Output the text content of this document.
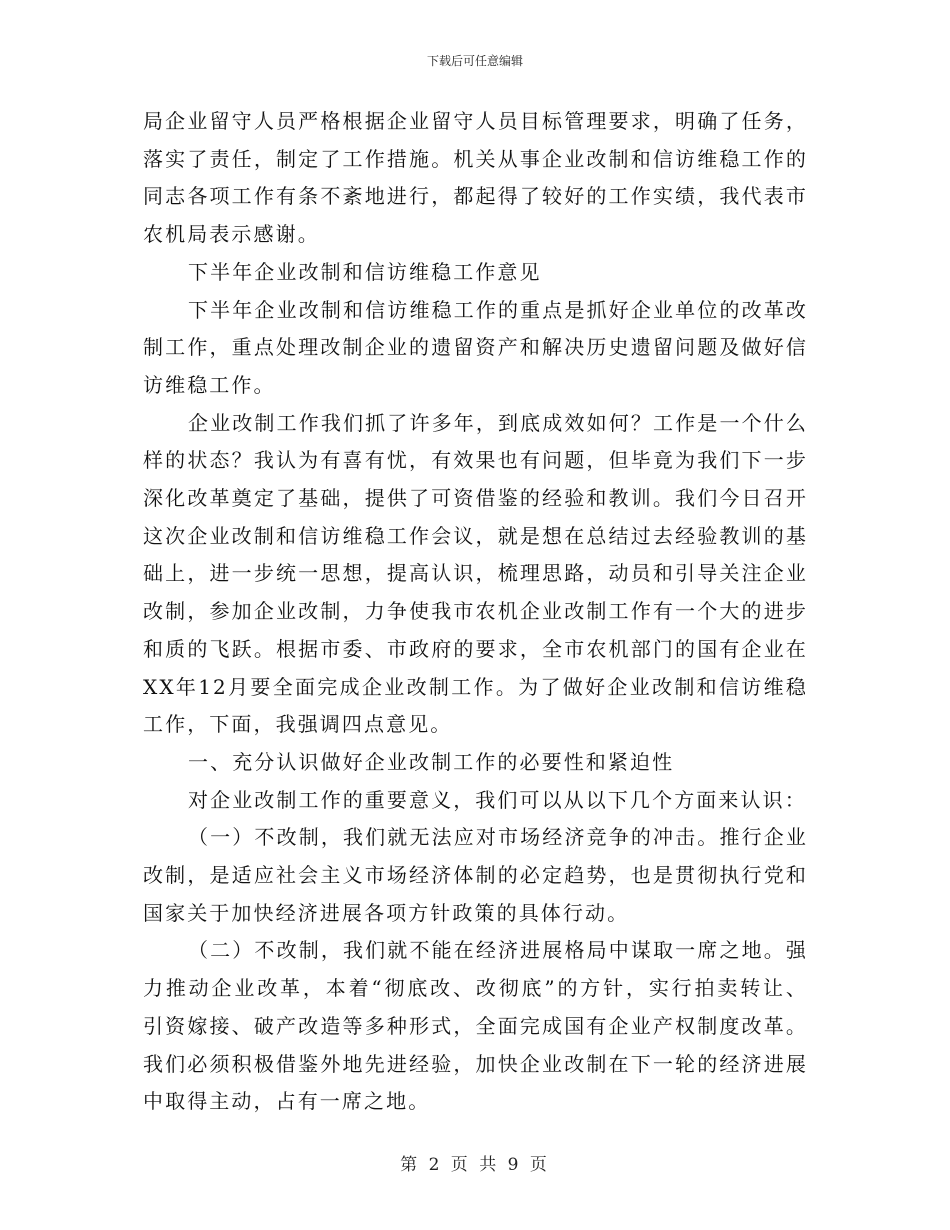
下载后可任意编辑

局企业留守人员严格根据企业留守人员目标管理要求，明确了任务，落实了责任，制定了工作措施。机关从事企业改制和信访维稳工作的同志各项工作有条不紊地进行，都起得了较好的工作实绩，我代表市农机局表示感谢。

下半年企业改制和信访维稳工作意见

下半年企业改制和信访维稳工作的重点是抓好企业单位的改革改制工作，重点处理改制企业的遗留资产和解决历史遗留问题及做好信访维稳工作。

企业改制工作我们抓了许多年，到底成效如何？工作是一个什么样的状态？我认为有喜有忧，有效果也有问题，但毕竟为我们下一步深化改革奠定了基础，提供了可资借鉴的经验和教训。我们今日召开这次企业改制和信访维稳工作会议，就是想在总结过去经验教训的基础上，进一步统一思想，提高认识，梳理思路，动员和引导关注企业改制，参加企业改制，力争使我市农机企业改制工作有一个大的进步和质的飞跃。根据市委、市政府的要求，全市农机部门的国有企业在XX年12月要全面完成企业改制工作。为了做好企业改制和信访维稳工作，下面，我强调四点意见。

一、充分认识做好企业改制工作的必要性和紧迫性

对企业改制工作的重要意义，我们可以从以下几个方面来认识：

（一）不改制，我们就无法应对市场经济竞争的冲击。推行企业改制，是适应社会主义市场经济体制的必定趋势，也是贯彻执行党和国家关于加快经济进展各项方针政策的具体行动。

（二）不改制，我们就不能在经济进展格局中谋取一席之地。强力推动企业改革，本着“彻底改、改彻底”的方针，实行拍卖转让、引资嫁接、破产改造等多种形式，全面完成国有企业产权制度改革。我们必须积极借鉴外地先进经验，加快企业改制在下一轮的经济进展中取得主动，占有一席之地。

第 2 页 共 9 页
